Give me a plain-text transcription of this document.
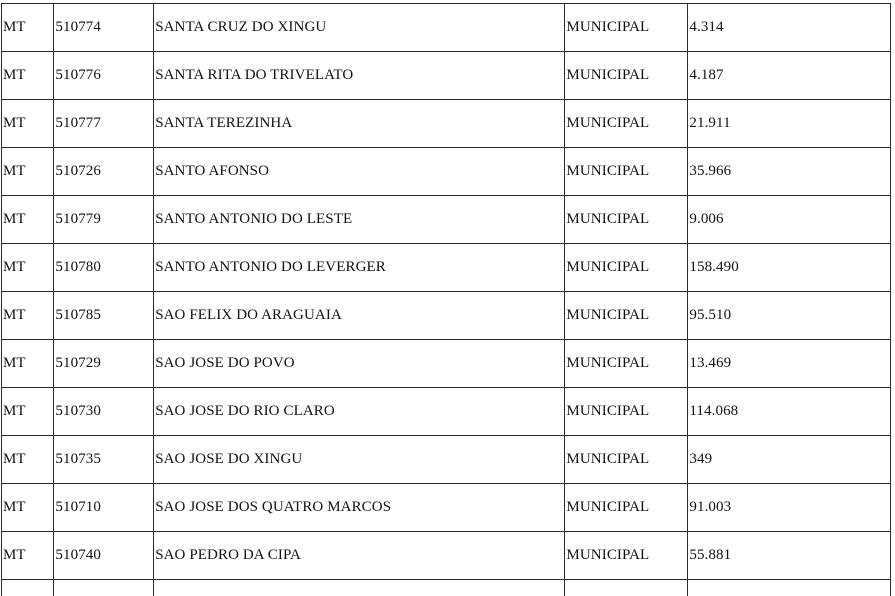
MT	510774	SANTA CRUZ DO XINGU	MUNICIPAL	4.314
MT	510776	SANTA RITA DO TRIVELATO	MUNICIPAL	4.187
MT	510777	SANTA TEREZINHA	MUNICIPAL	21.911
MT	510726	SANTO AFONSO	MUNICIPAL	35.966
MT	510779	SANTO ANTONIO DO LESTE	MUNICIPAL	9.006
MT	510780	SANTO ANTONIO DO LEVERGER	MUNICIPAL	158.490
MT	510785	SAO FELIX DO ARAGUAIA	MUNICIPAL	95.510
MT	510729	SAO JOSE DO POVO	MUNICIPAL	13.469
MT	510730	SAO JOSE DO RIO CLARO	MUNICIPAL	114.068
MT	510735	SAO JOSE DO XINGU	MUNICIPAL	349
MT	510710	SAO JOSE DOS QUATRO MARCOS	MUNICIPAL	91.003
MT	510740	SAO PEDRO DA CIPA	MUNICIPAL	55.881
